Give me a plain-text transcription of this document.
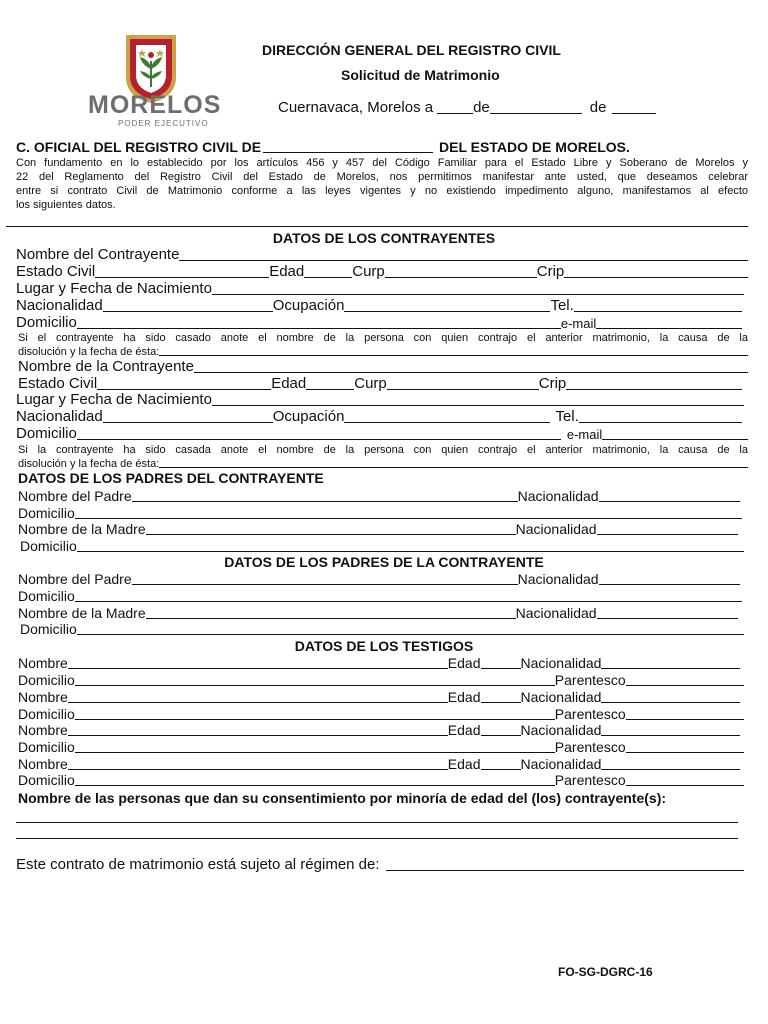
MORELOS
PODER EJECUTIVO
DIRECCIÓN GENERAL DEL REGISTRO CIVIL
Solicitud de Matrimonio
Cuernavaca, Morelos a	de	de
C. OFICIAL DEL REGISTRO CIVIL DE	DEL ESTADO DE MORELOS.
Con fundamento en lo establecido por los artículos 456 y 457 del Código Familiar para el Estado Libre y Soberano de Morelos y
22 del Reglamento del Registro Civil del Estado de Morelos, nos permitimos manifestar ante usted, que deseamos celebrar
entre si contrato Civil de Matrimonio conforme a las leyes vigentes y no existiendo impedimento alguno, manifestamos al efecto
los siguientes datos.
DATOS DE LOS CONTRAYENTES
Nombre del Contrayente
Estado Civil	Edad	Curp	Crip
Lugar y Fecha de Nacimiento
Nacionalidad	Ocupación	Tel.
Domicilio	e-mail
Si el contrayente ha sido casado anote el nombre de la persona con quien contrajo el anterior matrimonio, la causa de la
disolución y la fecha de ésta:
Nombre de la Contrayente
Estado Civil	Edad	Curp	Crip
Lugar y Fecha de Nacimiento
Nacionalidad	Ocupación	Tel.
Domicilio	e-mail
Si la contrayente ha sido casada anote el nombre de la persona con quien contrajo el anterior matrimonio, la causa de la
disolución y la fecha de ésta:
DATOS DE LOS PADRES DEL CONTRAYENTE
Nombre del Padre	Nacionalidad
Domicilio
Nombre de la Madre	Nacionalidad
Domicilio
DATOS DE LOS PADRES DE LA CONTRAYENTE
Nombre del Padre	Nacionalidad
Domicilio
Nombre de la Madre	Nacionalidad
Domicilio
DATOS DE LOS TESTIGOS
Nombre	Edad	Nacionalidad
Domicilio	Parentesco
Nombre	Edad	Nacionalidad
Domicilio	Parentesco
Nombre	Edad	Nacionalidad
Domicilio	Parentesco
Nombre	Edad	Nacionalidad
Domicilio	Parentesco
Nombre de las personas que dan su consentimiento por minoría de edad del (los) contrayente(s):
Este contrato de matrimonio está sujeto al régimen de:
FO-SG-DGRC-16
